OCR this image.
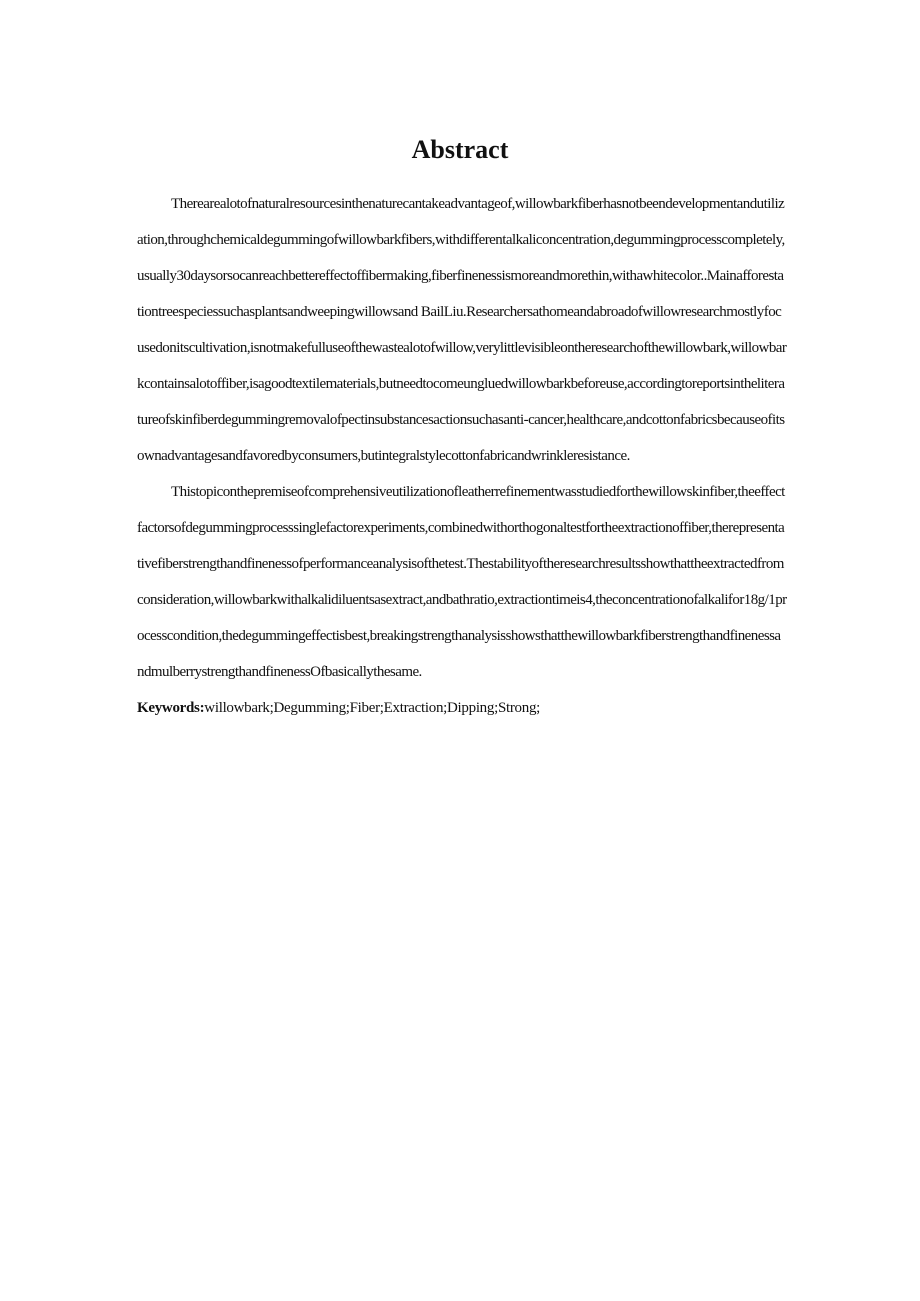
Abstract

Therearealotofnaturalresourcesinthenaturecantakeadvantageof,willowbarkfiberhasnotbeendevelopmentandutilization,throughchemicaldegummingofwillowbarkfibers,withdifferentalkaliconcentration,degummingprocesscompletely,usually30daysorsocanreachbettereffectoffibermaking,fiberfinenessismoreandmorethin,withawhitecolor..Mainafforestationtreespeciessuchasplantsandweepingwillowsand BailLiu.Researchersathomeandabroadofwillowresearchmostlyfocusedonitscultivation,isnotmakefulluseofthewastealotofwillow,verylittlevisibleontheresearchofthewillowbark,willowbarkcontainsalotoffiber,isagoodtextilematerials,butneedtocomeungluedwillowbarkbeforeuse,accordingtoreportsintheliteratureofskinfiberdegummingremovalofpectinsubstancesactionsuchasanti-cancer,healthcare,andcottonfabricsbecauseofitsownadvantagesandfavoredbyconsumers,butintegralstylecottonfabricandwrinkleresistance.

Thistopiconthepremiseofcomprehensiveutilizationofleatherrefinementwasstudiedforthewillowskinfiber,theeffectfactorsofdegummingprocesssinglefactorexperiments,combinedwithorthogonaltestfortheextractionoffiber,therepresentativefiberstrengthandfinenessofperformanceanalysisofthetest.Thestabilityoftheresearchresultsshowthattheextractedfromconsideration,willowbarkwithalkalidiluentsasextract,andbathratio,extractiontimeis4,theconcentrationofalkalifor18g/1processcondition,thedegummingeffectisbest,breakingstrengthanalysisshowsthatthewillowbarkfiberstrengthandfinenessandmulberrystrengthandfinenessOfbasicallythesame.

Keywords:willowbark;Degumming;Fiber;Extraction;Dipping;Strong;
